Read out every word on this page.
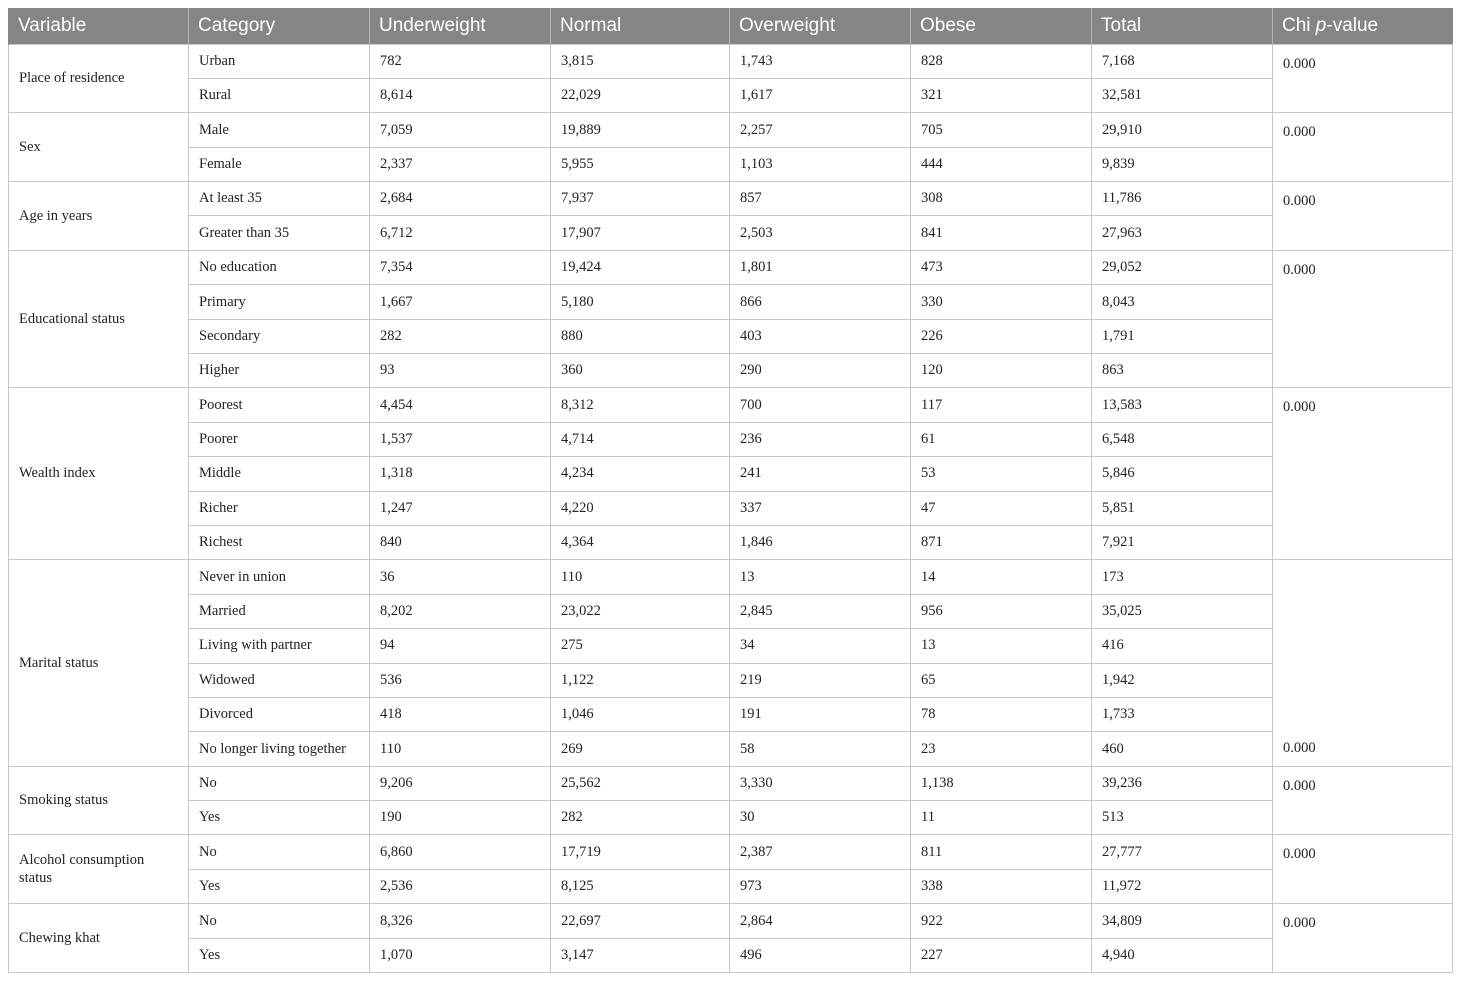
Variable	Category	Underweight	Normal	Overweight	Obese	Total	Chi p-value
Place of residence	Urban	782	3,815	1,743	828	7,168	0.000
	Rural	8,614	22,029	1,617	321	32,581	
Sex	Male	7,059	19,889	2,257	705	29,910	0.000
	Female	2,337	5,955	1,103	444	9,839	
Age in years	At least 35	2,684	7,937	857	308	11,786	0.000
	Greater than 35	6,712	17,907	2,503	841	27,963	
Educational status	No education	7,354	19,424	1,801	473	29,052	0.000
	Primary	1,667	5,180	866	330	8,043	
	Secondary	282	880	403	226	1,791	
	Higher	93	360	290	120	863	
Wealth index	Poorest	4,454	8,312	700	117	13,583	0.000
	Poorer	1,537	4,714	236	61	6,548	
	Middle	1,318	4,234	241	53	5,846	
	Richer	1,247	4,220	337	47	5,851	
	Richest	840	4,364	1,846	871	7,921	
Marital status	Never in union	36	110	13	14	173	0.000
	Married	8,202	23,022	2,845	956	35,025	
	Living with partner	94	275	34	13	416	
	Widowed	536	1,122	219	65	1,942	
	Divorced	418	1,046	191	78	1,733	
	No longer living together	110	269	58	23	460	
Smoking status	No	9,206	25,562	3,330	1,138	39,236	0.000
	Yes	190	282	30	11	513	
Alcohol consumption status	No	6,860	17,719	2,387	811	27,777	0.000
	Yes	2,536	8,125	973	338	11,972	
Chewing khat	No	8,326	22,697	2,864	922	34,809	0.000
	Yes	1,070	3,147	496	227	4,940	
